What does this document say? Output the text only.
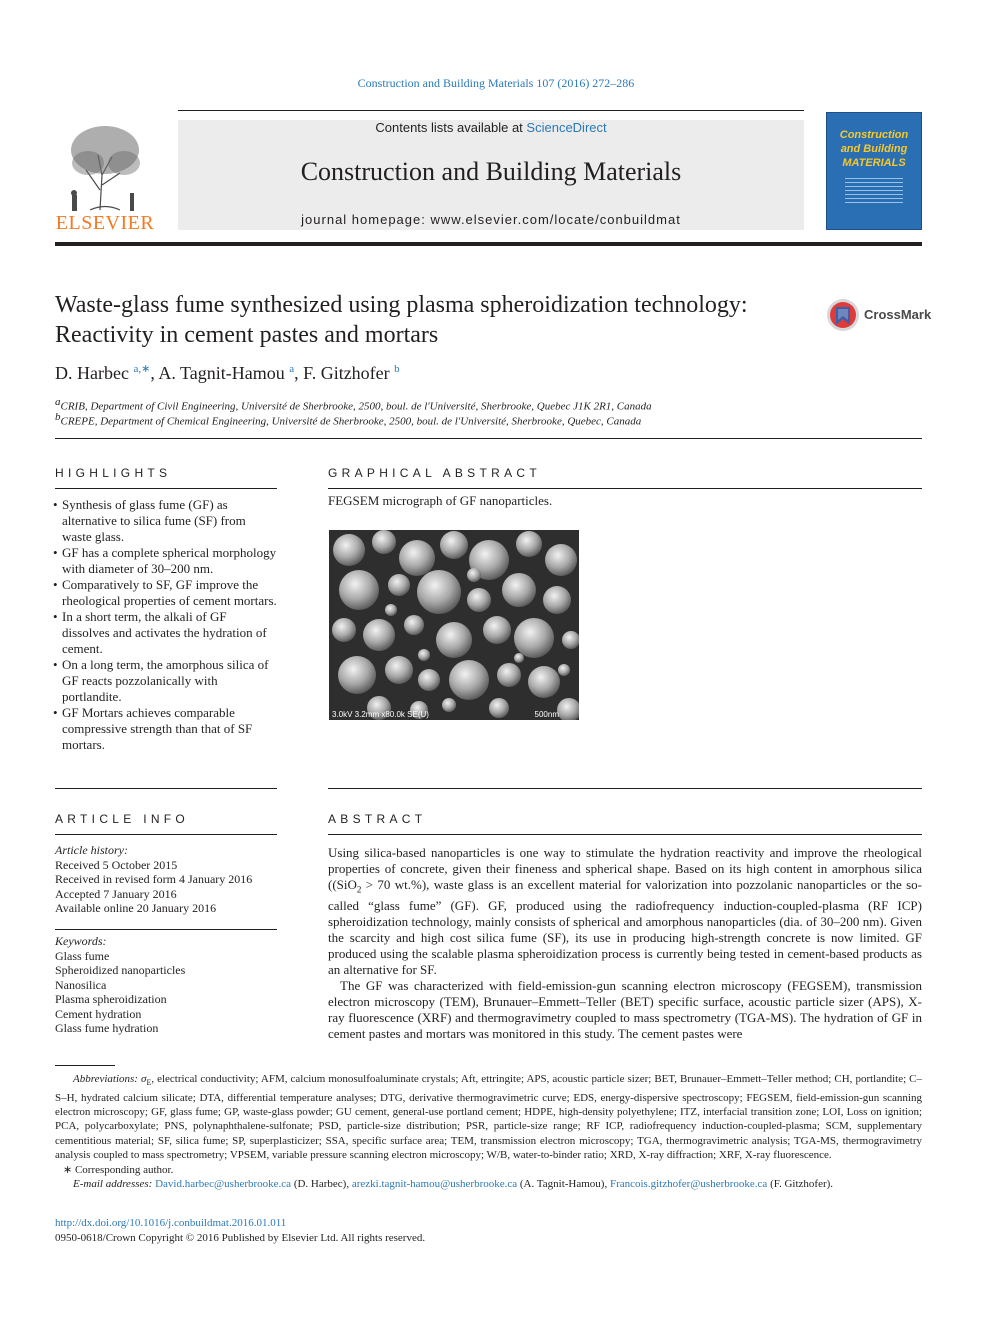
Construction and Building Materials 107 (2016) 272–286
ELSEVIER
Contents lists available at ScienceDirect
Construction and Building Materials
journal homepage: www.elsevier.com/locate/conbuildmat
Construction and Building MATERIALS
Waste-glass fume synthesized using plasma spheroidization technology:
Reactivity in cement pastes and mortars
CrossMark
D. Harbec $^{a,∗}$, A. Tagnit-Hamou $^a$, F. Gitzhofer $^b$
$^a$CRIB, Department of Civil Engineering, Université de Sherbrooke, 2500, boul. de l'Université, Sherbrooke, Quebec J1K 2R1, Canada
$^b$CREPE, Department of Chemical Engineering, Université de Sherbrooke, 2500, boul. de l'Université, Sherbrooke, Quebec, Canada
HIGHLIGHTS
• Synthesis of glass fume (GF) as alternative to silica fume (SF) from waste glass.
• GF has a complete spherical morphology with diameter of 30–200 nm.
• Comparatively to SF, GF improve the rheological properties of cement mortars.
• In a short term, the alkali of GF dissolves and activates the hydration of cement.
• On a long term, the amorphous silica of GF reacts pozzolanically with portlandite.
• GF Mortars achieves comparable compressive strength than that of SF mortars.
GRAPHICAL ABSTRACT
FEGSEM micrograph of GF nanoparticles.
3.0kV 3.2mm x80.0k SE(U)	500nm
ARTICLE INFO
Article history:
Received 5 October 2015
Received in revised form 4 January 2016
Accepted 7 January 2016
Available online 20 January 2016
Keywords:
Glass fume
Spheroidized nanoparticles
Nanosilica
Plasma spheroidization
Cement hydration
Glass fume hydration
ABSTRACT

Using silica-based nanoparticles is one way to stimulate the hydration reactivity and improve the rheological properties of concrete, given their fineness and spherical shape. Based on its high content in amorphous silica ((SiO$_2$ > 70 wt.%), waste glass is an excellent material for valorization into pozzolanic nanoparticles or the so-called “glass fume” (GF). GF, produced using the radiofrequency induction-coupled-plasma (RF ICP) spheroidization technology, mainly consists of spherical and amorphous nanoparticles (dia. of 30–200 nm). Given the scarcity and high cost silica fume (SF), its use in producing high-strength concrete is now limited. GF produced using the scalable plasma spheroidization process is currently being tested in cement-based products as an alternative for SF.

The GF was characterized with field-emission-gun scanning electron microscopy (FEGSEM), transmission electron microscopy (TEM), Brunauer–Emmett–Teller (BET) specific surface, acoustic particle sizer (APS), X-ray fluorescence (XRF) and thermogravimetry coupled to mass spectrometry (TGA-MS). The hydration of GF in cement pastes and mortars was monitored in this study. The cement pastes were

Abbreviations: $\sigma_E$, electrical conductivity; AFM, calcium monosulfoaluminate crystals; Aft, ettringite; APS, acoustic particle sizer; BET, Brunauer–Emmett–Teller method; CH, portlandite; C–S–H, hydrated calcium silicate; DTA, differential temperature analyses; DTG, derivative thermogravimetric curve; EDS, energy-dispersive spectroscopy; FEGSEM, field-emission-gun scanning electron microscopy; GF, glass fume; GP, waste-glass powder; GU cement, general-use portland cement; HDPE, high-density polyethylene; ITZ, interfacial transition zone; LOI, Loss on ignition; PCA, polycarboxylate; PNS, polynaphthalene-sulfonate; PSD, particle-size distribution; PSR, particle-size range; RF ICP, radiofrequency induction-coupled-plasma; SCM, supplementary cementitious material; SF, silica fume; SP, superplasticizer; SSA, specific surface area; TEM, transmission electron microscopy; TGA, thermogravimetric analysis; TGA-MS, thermogravimetry analysis coupled to mass spectrometry; VPSEM, variable pressure scanning electron microscopy; W/B, water-to-binder ratio; XRD, X-ray diffraction; XRF, X-ray fluorescence.

∗ Corresponding author.

E-mail addresses: David.harbec@usherbrooke.ca (D. Harbec), arezki.tagnit-hamou@usherbrooke.ca (A. Tagnit-Hamou), Francois.gitzhofer@usherbrooke.ca (F. Gitzhofer).

http://dx.doi.org/10.1016/j.conbuildmat.2016.01.011
0950-0618/Crown Copyright © 2016 Published by Elsevier Ltd. All rights reserved.
